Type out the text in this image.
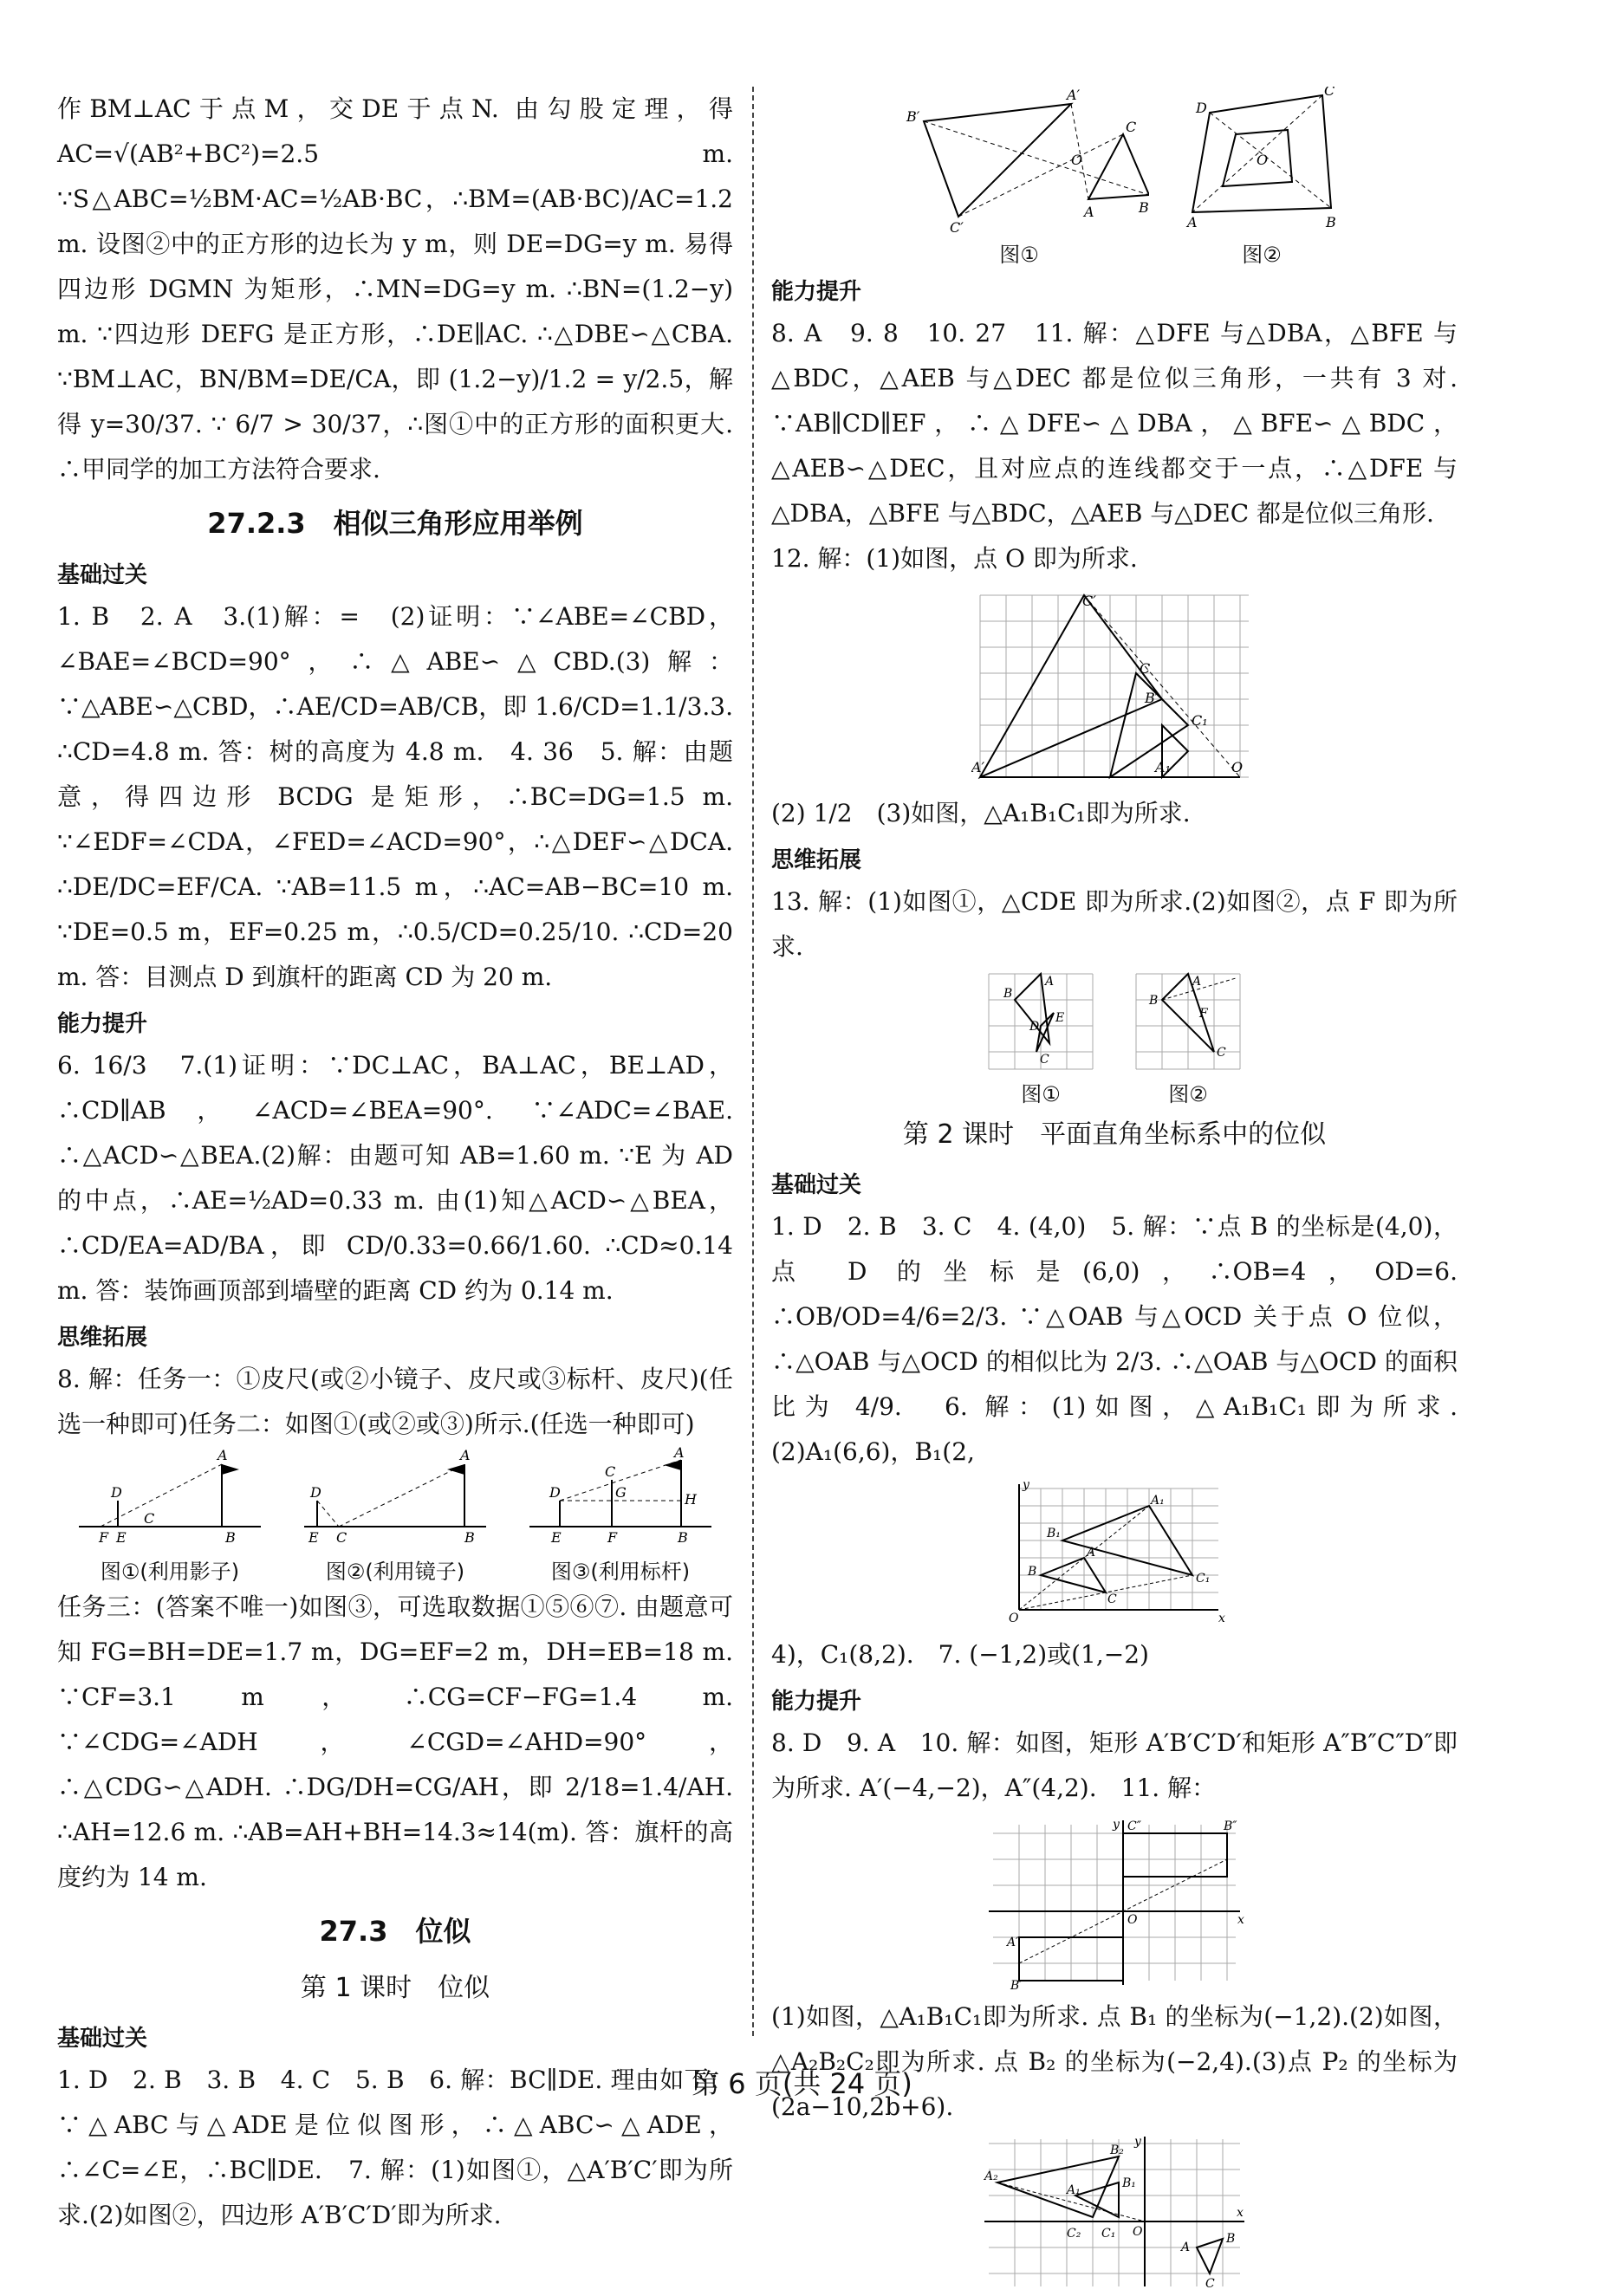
作BM⊥AC于点M，交DE于点N. 由勾股定理，得 AC=√(AB²+BC²)=2.5 m. ∵S△ABC=½BM·AC=½AB·BC，∴BM=(AB·BC)/AC=1.2 m. 设图②中的正方形的边长为 y m，则 DE=DG=y m. 易得四边形 DGMN 为矩形，∴MN=DG=y m. ∴BN=(1.2−y) m. ∵四边形 DEFG 是正方形，∴DE∥AC. ∴△DBE∽△CBA. ∵BM⊥AC，BN/BM=DE/CA，即 (1.2−y)/1.2 = y/2.5，解得 y=30/37. ∵ 6/7 > 30/37，∴图①中的正方形的面积更大. ∴甲同学的加工方法符合要求.

27.2.3　相似三角形应用举例
基础过关

1. B　2. A　3.(1)解：=　(2)证明：∵∠ABE=∠CBD，∠BAE=∠BCD=90°，∴△ABE∽△CBD.(3)解：∵△ABE∽△CBD，∴AE/CD=AB/CB，即 1.6/CD=1.1/3.3. ∴CD=4.8 m. 答：树的高度为 4.8 m.　4. 36　5. 解：由题意，得四边形 BCDG 是矩形，∴BC=DG=1.5 m. ∵∠EDF=∠CDA，∠FED=∠ACD=90°，∴△DEF∽△DCA. ∴DE/DC=EF/CA. ∵AB=11.5 m，∴AC=AB−BC=10 m. ∵DE=0.5 m，EF=0.25 m，∴0.5/CD=0.25/10. ∴CD=20 m. 答：目测点 D 到旗杆的距离 CD 为 20 m.

能力提升

6. 16/3　7.(1)证明：∵DC⊥AC，BA⊥AC，BE⊥AD，∴CD∥AB，∠ACD=∠BEA=90°. ∵∠ADC=∠BAE. ∴△ACD∽△BEA.(2)解：由题可知 AB=1.60 m. ∵E 为 AD 的中点，∴AE=½AD=0.33 m. 由(1)知△ACD∽△BEA，∴CD/EA=AD/BA，即 CD/0.33=0.66/1.60. ∴CD≈0.14 m. 答：装饰画顶部到墙壁的距离 CD 约为 0.14 m.

思维拓展

8. 解：任务一：①皮尺(或②小镜子、皮尺或③标杆、皮尺)(任选一种即可)任务二：如图①(或②或③)所示.(任选一种即可)

A
D
C
B
F E
图①(利用影子)
A
D
E C	B
图②(利用镜子)
A
D
C
G	H
E	F	B
图③(利用标杆)

任务三：(答案不唯一)如图③，可选取数据①⑤⑥⑦. 由题意可知 FG=BH=DE=1.7 m，DG=EF=2 m，DH=EB=18 m. ∵CF=3.1 m，∴CG=CF−FG=1.4 m. ∵∠CDG=∠ADH，∠CGD=∠AHD=90°，∴△CDG∽△ADH. ∴DG/DH=CG/AH，即 2/18=1.4/AH. ∴AH=12.6 m. ∴AB=AH+BH=14.3≈14(m). 答：旗杆的高度约为 14 m.

27.3　位似
第 1 课时　位似
基础过关

1. D　2. B　3. B　4. C　5. B　6. 解：BC∥DE. 理由如下：∵△ABC与△ADE是位似图形，∴△ABC∽△ADE，∴∠C=∠E，∴BC∥DE.　7. 解：(1)如图①，△A′B′C′即为所求.(2)如图②，四边形 A′B′C′D′即为所求.

B′
A′
C′
C
B
A
O
图①
D
C
B
A
O
图②
能力提升

8. A　9. 8　10. 27　11. 解：△DFE 与△DBA，△BFE 与△BDC，△AEB 与△DEC 都是位似三角形，一共有 3 对. ∵AB∥CD∥EF，∴△DFE∽△DBA，△BFE∽△BDC，△AEB∽△DEC，且对应点的连线都交于一点，∴△DFE 与△DBA，△BFE 与△BDC，△AEB 与△DEC 都是位似三角形.

12. 解：(1)如图，点 O 即为所求.

C′
C
B′
C₁
A′	A₁	O

(2) 1/2　(3)如图，△A₁B₁C₁即为所求.

思维拓展

13. 解：(1)如图①，△CDE 即为所求.(2)如图②，点 F 即为所求.

A
B
D
E
C
图①
A
B
F
C
图②
第 2 课时　平面直角坐标系中的位似
基础过关

1. D　2. B　3. C　4. (4,0)　5. 解：∵点 B 的坐标是(4,0)，点 D 的坐标是(6,0)，∴OB=4，OD=6. ∴OB/OD=4/6=2/3. ∵△OAB 与△OCD 关于点 O 位似，∴△OAB 与△OCD 的相似比为 2/3. ∴△OAB 与△OCD 的面积比为 4/9.　6. 解：(1)如图，△A₁B₁C₁即为所求.　(2)A₁(6,6)，B₁(2,

A₁
B₁
C₁
A
B
C
O	x
y

4)，C₁(8,2).　7. (−1,2)或(1,−2)

能力提升

8. D　9. A　10. 解：如图，矩形 A′B′C′D′和矩形 A″B″C″D″即为所求. A′(−4,−2)，A″(4,2).　11. 解：

A′
B′
B″
C″
O	x
y

(1)如图，△A₁B₁C₁即为所求. 点 B₁ 的坐标为(−1,2).(2)如图，△A₂B₂C₂即为所求. 点 B₂ 的坐标为(−2,4).(3)点 P₂ 的坐标为(2a−10,2b+6).

B₂
A₂	B₁
A₁
C₂ C₁ O
A
B
C
x
y
第 6 页(共 24 页)
